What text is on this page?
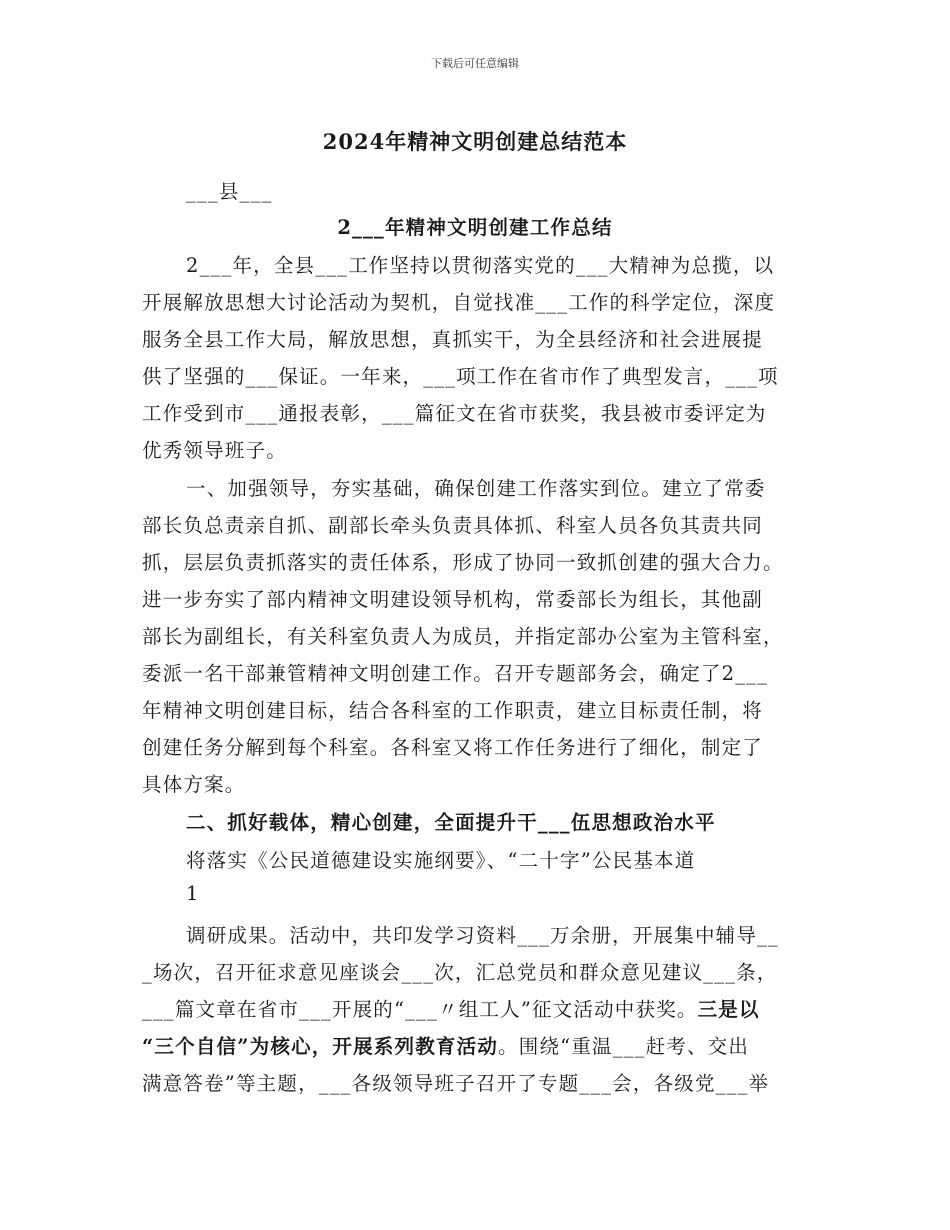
下载后可任意编辑
2024年精神文明创建总结范本
___县___
2___年精神文明创建工作总结
2___年，全县___工作坚持以贯彻落实党的___大精神为总揽，以
开展解放思想大讨论活动为契机，自觉找准___工作的科学定位，深度
服务全县工作大局，解放思想，真抓实干，为全县经济和社会进展提
供了坚强的___保证。一年来，___项工作在省市作了典型发言，___项
工作受到市___通报表彰，___篇征文在省市获奖，我县被市委评定为
优秀领导班子。
一、加强领导，夯实基础，确保创建工作落实到位。建立了常委
部长负总责亲自抓、副部长牵头负责具体抓、科室人员各负其责共同
抓，层层负责抓落实的责任体系，形成了协同一致抓创建的强大合力。
进一步夯实了部内精神文明建设领导机构，常委部长为组长，其他副
部长为副组长，有关科室负责人为成员，并指定部办公室为主管科室，
委派一名干部兼管精神文明创建工作。召开专题部务会，确定了2___
年精神文明创建目标，结合各科室的工作职责，建立目标责任制，将
创建任务分解到每个科室。各科室又将工作任务进行了细化，制定了
具体方案。
二、抓好载体，精心创建，全面提升干___伍思想政治水平
将落实《公民道德建设实施纲要》、“二十字”公民基本道
1
调研成果。活动中，共印发学习资料___万余册，开展集中辅导__
_场次，召开征求意见座谈会___次，汇总党员和群众意见建议___条，
___篇文章在省市___开展的“___〃组工人”征文活动中获奖。三是以
“三个自信”为核心，开展系列教育活动。围绕“重温___赶考、交出
满意答卷”等主题，___各级领导班子召开了专题___会，各级党___举
